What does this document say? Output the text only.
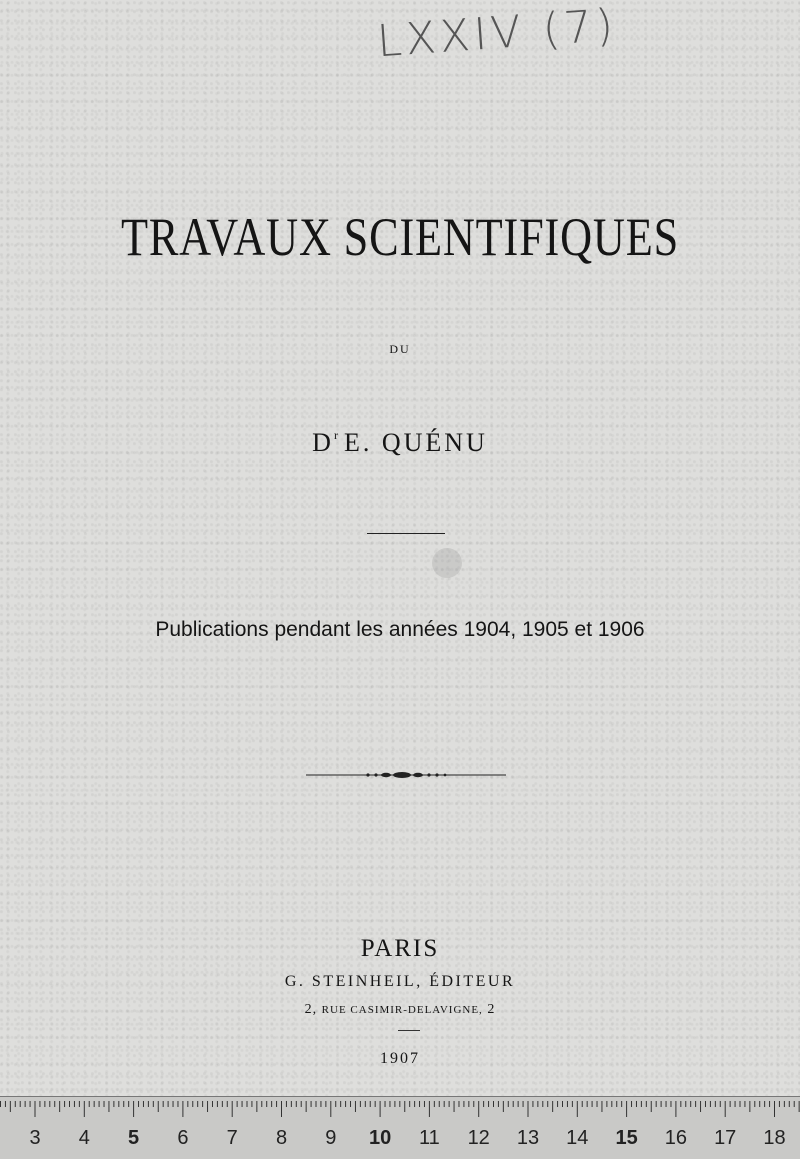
LXXIV (7)
TRAVAUX SCIENTIFIQUES
DU
$D^r$ E. QUÉNU
Publications pendant les années 1904, 1905 et 1906
PARIS
G. STEINHEIL, ÉDITEUR
2, RUE CASIMIR-DELAVIGNE, 2
1907
3 4 5 6 7 8 9 10 11 12 13 14 15 16 17 18
